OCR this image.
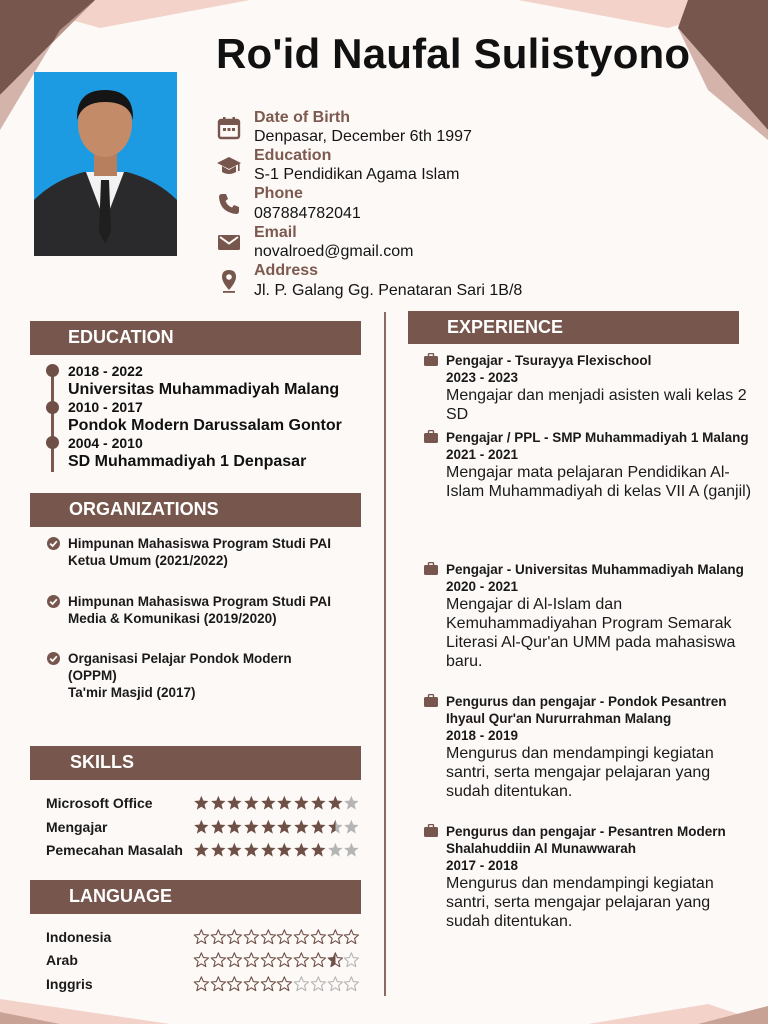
Ro'id Naufal Sulistyono
Date of Birth
Denpasar, December 6th 1997
Education
S-1 Pendidikan Agama Islam
Phone
087884782041
Email
novalroed@gmail.com
Address
Jl. P. Galang Gg. Penataran Sari 1B/8
EDUCATION
2018 - 2022
Universitas Muhammadiyah Malang
2010 - 2017
Pondok Modern Darussalam Gontor
2004 - 2010
SD Muhammadiyah 1 Denpasar
ORGANIZATIONS
Himpunan Mahasiswa Program Studi PAI
Ketua Umum (2021/2022)
Himpunan Mahasiswa Program Studi PAI
Media & Komunikasi (2019/2020)
Organisasi Pelajar Pondok Modern
(OPPM)
Ta'mir Masjid (2017)
SKILLS
Microsoft Office
Mengajar
Pemecahan Masalah
LANGUAGE
Indonesia
Arab
Inggris
EXPERIENCE
Pengajar - Tsurayya Flexischool
2023 - 2023
Mengajar dan menjadi asisten wali kelas 2 SD
Pengajar / PPL - SMP Muhammadiyah 1 Malang
2021 - 2021
Mengajar mata pelajaran Pendidikan Al-Islam Muhammadiyah di kelas VII A (ganjil)
Pengajar - Universitas Muhammadiyah Malang
2020 - 2021
Mengajar di Al-Islam dan Kemuhammadiyahan Program Semarak Literasi Al-Qur'an UMM pada mahasiswa baru.
Pengurus dan pengajar - Pondok Pesantren Ihyaul Qur'an Nururrahman Malang
2018 - 2019
Mengurus dan mendampingi kegiatan santri, serta mengajar pelajaran yang sudah ditentukan.
Pengurus dan pengajar - Pesantren Modern Shalahuddiin Al Munawwarah
2017 - 2018
Mengurus dan mendampingi kegiatan santri, serta mengajar pelajaran yang sudah ditentukan.
